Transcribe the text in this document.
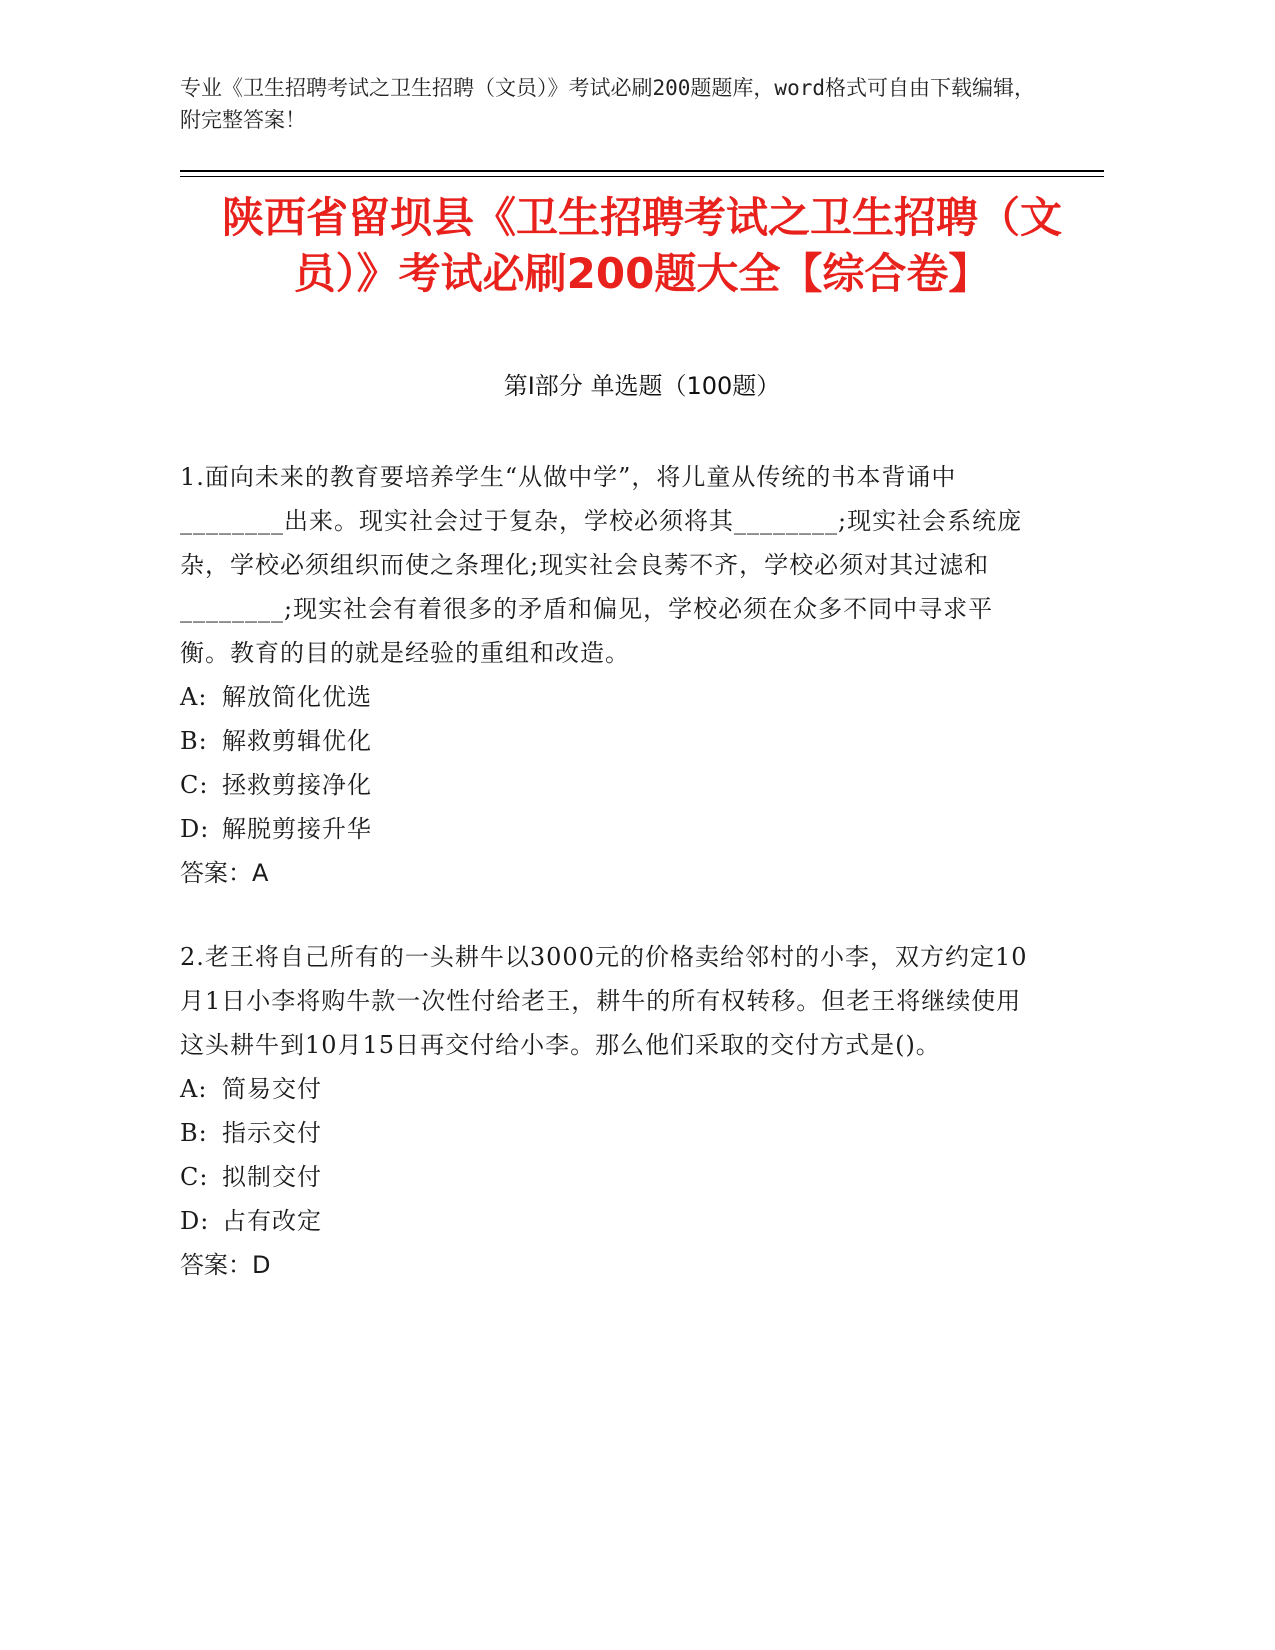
专业《卫生招聘考试之卫生招聘（文员）》考试必刷200题题库，word格式可自由下载编辑，附完整答案！
陕西省留坝县《卫生招聘考试之卫生招聘（文员）》考试必刷200题大全【综合卷】
第I部分 单选题（100题）

1.面向未来的教育要培养学生“从做中学”，将儿童从传统的书本背诵中________出来。现实社会过于复杂，学校必须将其________;现实社会系统庞杂，学校必须组织而使之条理化;现实社会良莠不齐，学校必须对其过滤和________;现实社会有着很多的矛盾和偏见，学校必须在众多不同中寻求平衡。教育的目的就是经验的重组和改造。

A: 解放简化优选
B: 解救剪辑优化
C: 拯救剪接净化
D: 解脱剪接升华
答案：A

2.老王将自己所有的一头耕牛以3000元的价格卖给邻村的小李，双方约定10月1日小李将购牛款一次性付给老王，耕牛的所有权转移。但老王将继续使用这头耕牛到10月15日再交付给小李。那么他们采取的交付方式是()。

A: 简易交付
B: 指示交付
C: 拟制交付
D: 占有改定
答案：D
